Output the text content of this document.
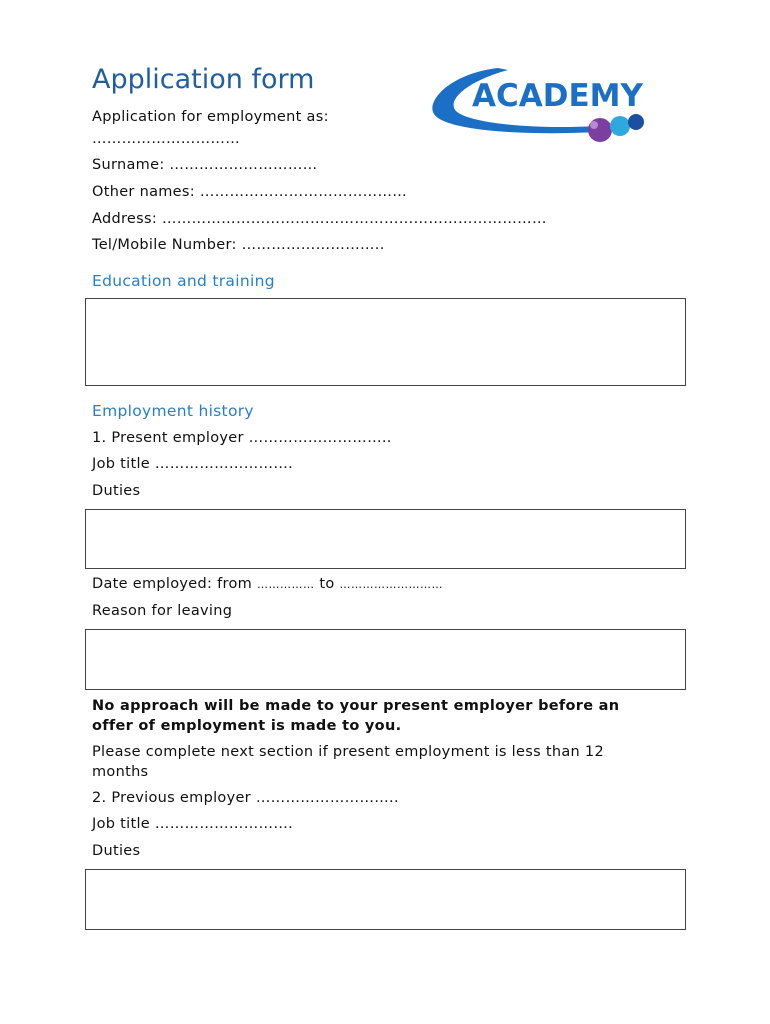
Application form	ACADEMY
Application for employment as:
…………………………
Surname: …………………………
Other names: ……………………………………
Address: ……………………………………………………………………
Tel/Mobile Number: ………………………..
Education and training
Employment history
1. Present employer ………………………..
Job title ……………………….
Duties
Date employed: from …………… to ………………………
Reason for leaving
No approach will be made to your present employer before an offer of employment is made to you.
Please complete next section if present employment is less than 12 months
2. Previous employer ………………………..
Job title ……………………….
Duties
